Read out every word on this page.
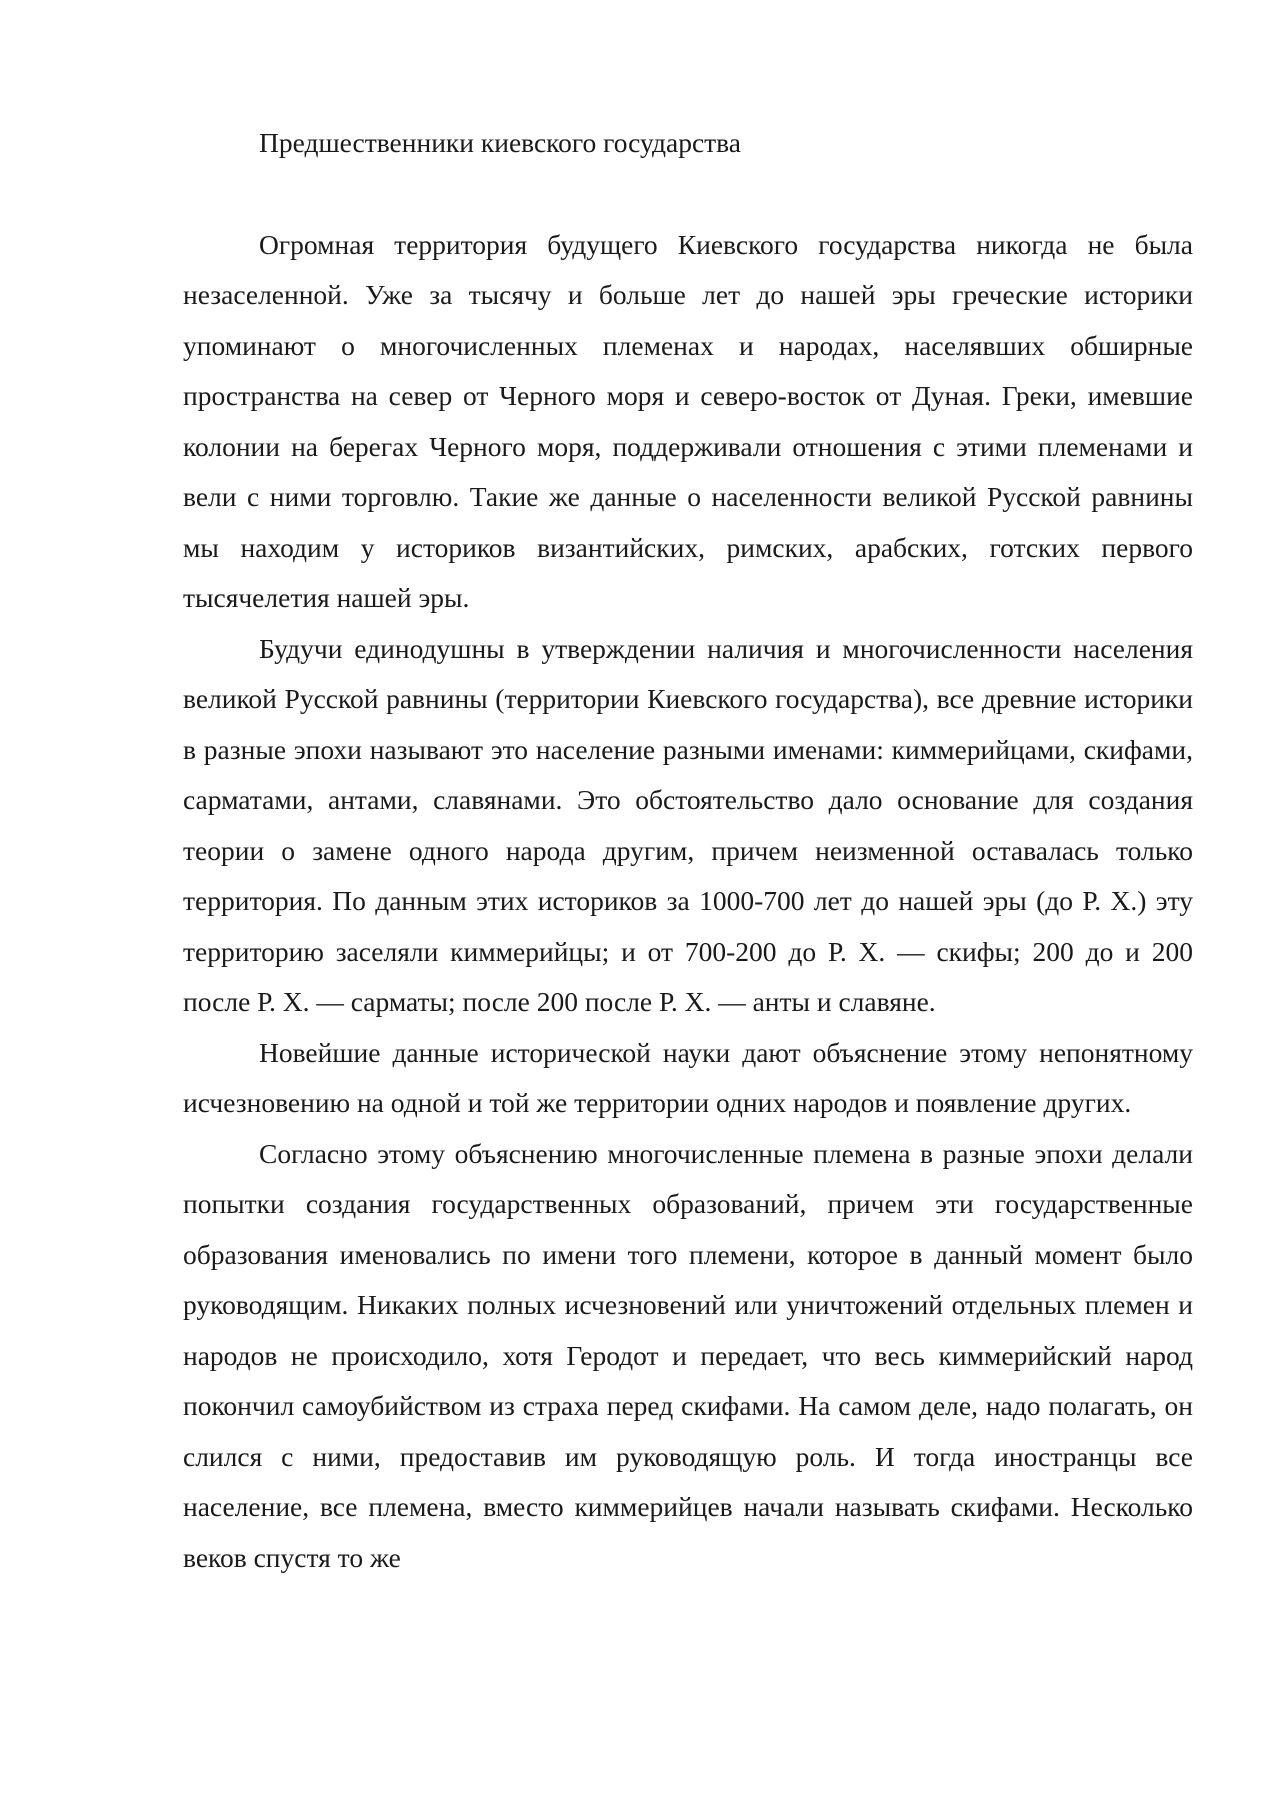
Предшественники киевского государства

Огромная территория будущего Киевского государства никогда не была незаселенной. Уже за тысячу и больше лет до нашей эры греческие историки упоминают о многочисленных племенах и народах, населявших обширные пространства на север от Черного моря и северо-восток от Дуная. Греки, имевшие колонии на берегах Черного моря, поддерживали отношения с этими племенами и вели с ними торговлю. Такие же данные о населенности великой Русской равнины мы находим у историков византийских, римских, арабских, готских первого тысячелетия нашей эры.

Будучи единодушны в утверждении наличия и многочисленности населения великой Русской равнины (территории Киевского государства), все древние историки в разные эпохи называют это население разными именами: киммерийцами, скифами, сарматами, антами, славянами. Это обстоятельство дало основание для создания теории о замене одного народа другим, причем неизменной оставалась только территория. По данным этих историков за 1000-700 лет до нашей эры (до Р. Х.) эту территорию заселяли киммерийцы; и от 700-200 до Р. Х. — скифы; 200 до и 200 после Р. Х. — сарматы; после 200 после Р. Х. — анты и славяне.

Новейшие данные исторической науки дают объяснение этому непонятному исчезновению на одной и той же территории одних народов и появление других.

Согласно этому объяснению многочисленные племена в разные эпохи делали попытки создания государственных образований, причем эти государственные образования именовались по имени того племени, которое в данный момент было руководящим. Никаких полных исчезновений или уничтожений отдельных племен и народов не происходило, хотя Геродот и передает, что весь киммерийский народ покончил самоубийством из страха перед скифами. На самом деле, надо полагать, он слился с ними, предоставив им руководящую роль. И тогда иностранцы все население, все племена, вместо киммерийцев начали называть скифами. Несколько веков спустя то же
